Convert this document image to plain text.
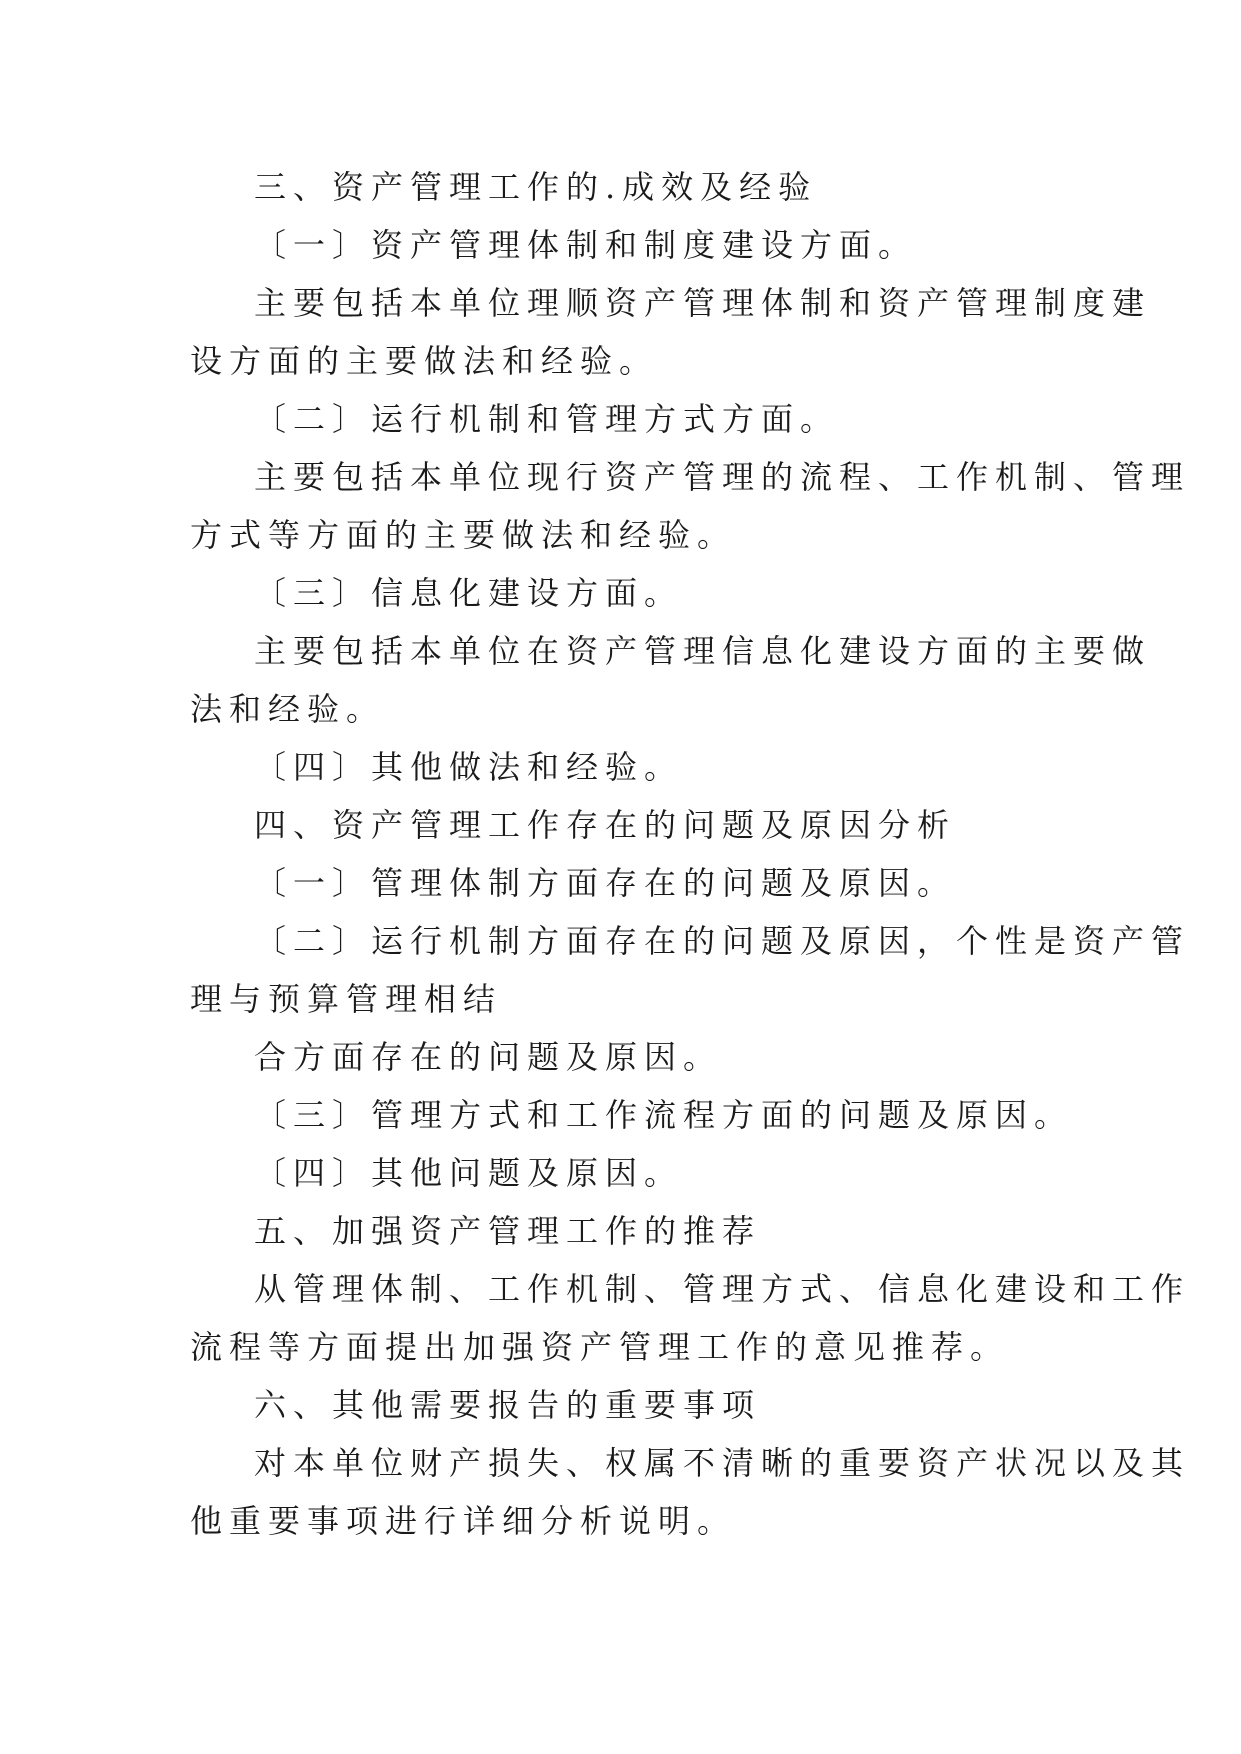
三、资产管理工作的.成效及经验
〔一〕资产管理体制和制度建设方面。
主要包括本单位理顺资产管理体制和资产管理制度建
设方面的主要做法和经验。
〔二〕运行机制和管理方式方面。
主要包括本单位现行资产管理的流程、工作机制、管理
方式等方面的主要做法和经验。
〔三〕信息化建设方面。
主要包括本单位在资产管理信息化建设方面的主要做
法和经验。
〔四〕其他做法和经验。
四、资产管理工作存在的问题及原因分析
〔一〕管理体制方面存在的问题及原因。
〔二〕运行机制方面存在的问题及原因，个性是资产管
理与预算管理相结
合方面存在的问题及原因。
〔三〕管理方式和工作流程方面的问题及原因。
〔四〕其他问题及原因。
五、加强资产管理工作的推荐
从管理体制、工作机制、管理方式、信息化建设和工作
流程等方面提出加强资产管理工作的意见推荐。
六、其他需要报告的重要事项
对本单位财产损失、权属不清晰的重要资产状况以及其
他重要事项进行详细分析说明。
